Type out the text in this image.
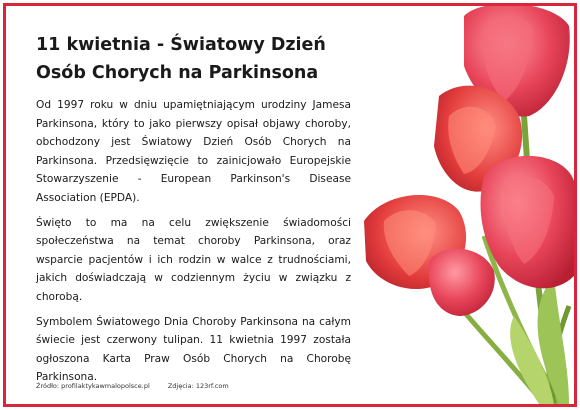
11 kwietnia - Światowy Dzień Osób Chorych na Parkinsona

Od 1997 roku w dniu upamiętniającym urodziny Jamesa Parkinsona, który to jako pierwszy opisał objawy choroby, obchodzony jest Światowy Dzień Osób Chorych na Parkinsona. Przedsięwzięcie to zainicjowało Europejskie Stowarzyszenie - European Parkinson's Disease Association (EPDA).

Święto to ma na celu zwiększenie świadomości społeczeństwa na temat choroby Parkinsona, oraz wsparcie pacjentów i ich rodzin w walce z trudnościami, jakich doświadczają w codziennym życiu w związku z chorobą.

Symbolem Światowego Dnia Choroby Parkinsona na całym świecie jest czerwony tulipan. 11 kwietnia 1997 została ogłoszona Karta Praw Osób Chorych na Chorobę Parkinsona.

Źródło: profilaktykawmalopolsce.pl	Zdjęcia: 123rf.com
